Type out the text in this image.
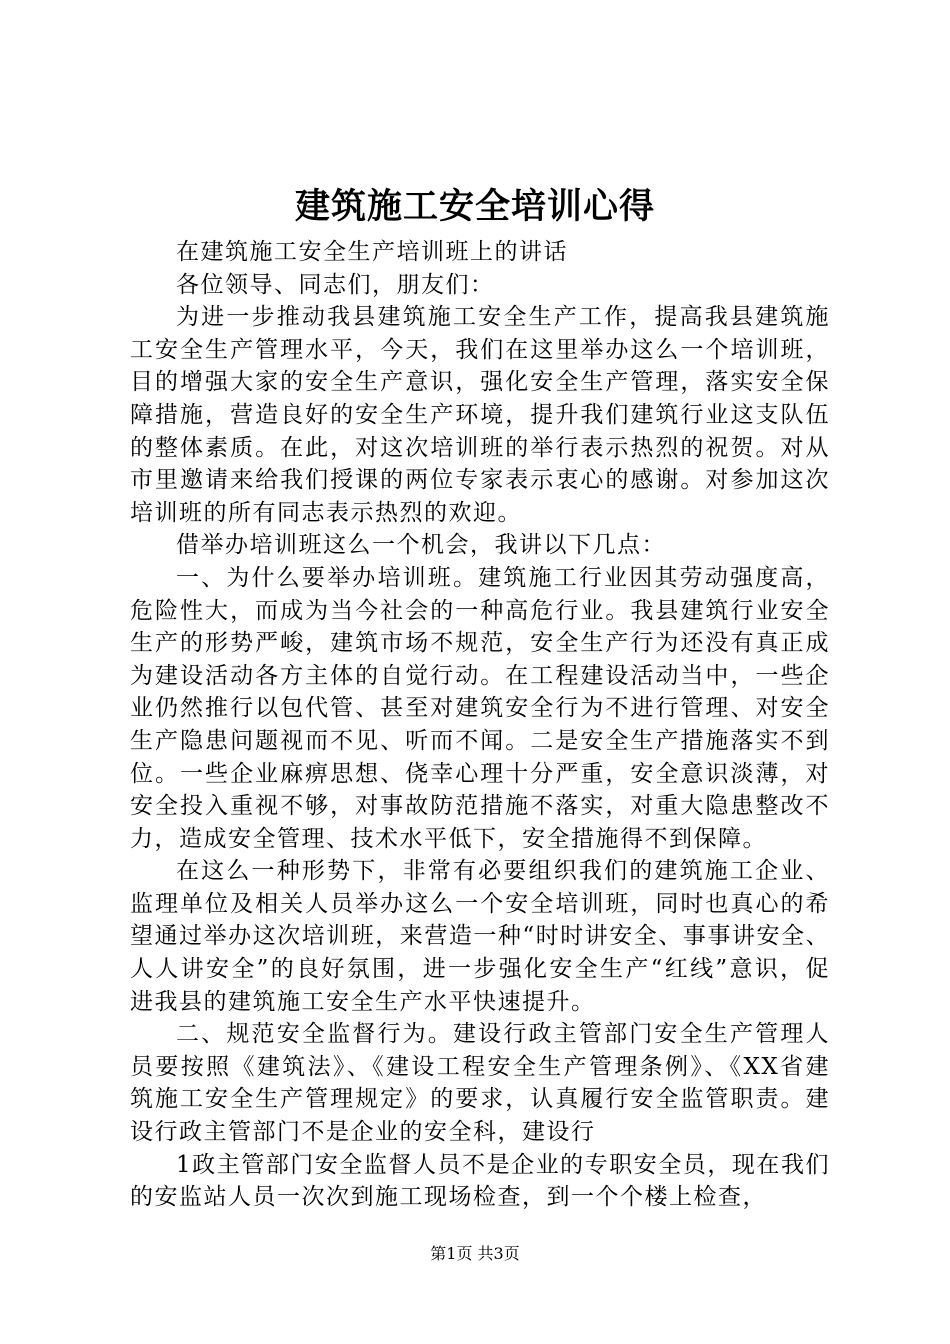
建筑施工安全培训心得

在建筑施工安全生产培训班上的讲话

各位领导、同志们，朋友们：

为进一步推动我县建筑施工安全生产工作，提高我县建筑施工安全生产管理水平，今天，我们在这里举办这么一个培训班，目的增强大家的安全生产意识，强化安全生产管理，落实安全保障措施，营造良好的安全生产环境，提升我们建筑行业这支队伍的整体素质。在此，对这次培训班的举行表示热烈的祝贺。对从市里邀请来给我们授课的两位专家表示衷心的感谢。对参加这次培训班的所有同志表示热烈的欢迎。

借举办培训班这么一个机会，我讲以下几点：

一、为什么要举办培训班。建筑施工行业因其劳动强度高，危险性大，而成为当今社会的一种高危行业。我县建筑行业安全生产的形势严峻，建筑市场不规范，安全生产行为还没有真正成为建设活动各方主体的自觉行动。在工程建设活动当中，一些企业仍然推行以包代管、甚至对建筑安全行为不进行管理、对安全生产隐患问题视而不见、听而不闻。二是安全生产措施落实不到位。一些企业麻痹思想、侥幸心理十分严重，安全意识淡薄，对安全投入重视不够，对事故防范措施不落实，对重大隐患整改不力，造成安全管理、技术水平低下，安全措施得不到保障。

在这么一种形势下，非常有必要组织我们的建筑施工企业、监理单位及相关人员举办这么一个安全培训班，同时也真心的希望通过举办这次培训班，来营造一种“时时讲安全、事事讲安全、人人讲安全”的良好氛围，进一步强化安全生产“红线”意识，促进我县的建筑施工安全生产水平快速提升。

二、规范安全监督行为。建设行政主管部门安全生产管理人员要按照《建筑法》、《建设工程安全生产管理条例》、《XX省建筑施工安全生产管理规定》的要求，认真履行安全监管职责。建设行政主管部门不是企业的安全科，建设行

1政主管部门安全监督人员不是企业的专职安全员，现在我们的安监站人员一次次到施工现场检查，到一个个楼上检查，

第1页 共3页
